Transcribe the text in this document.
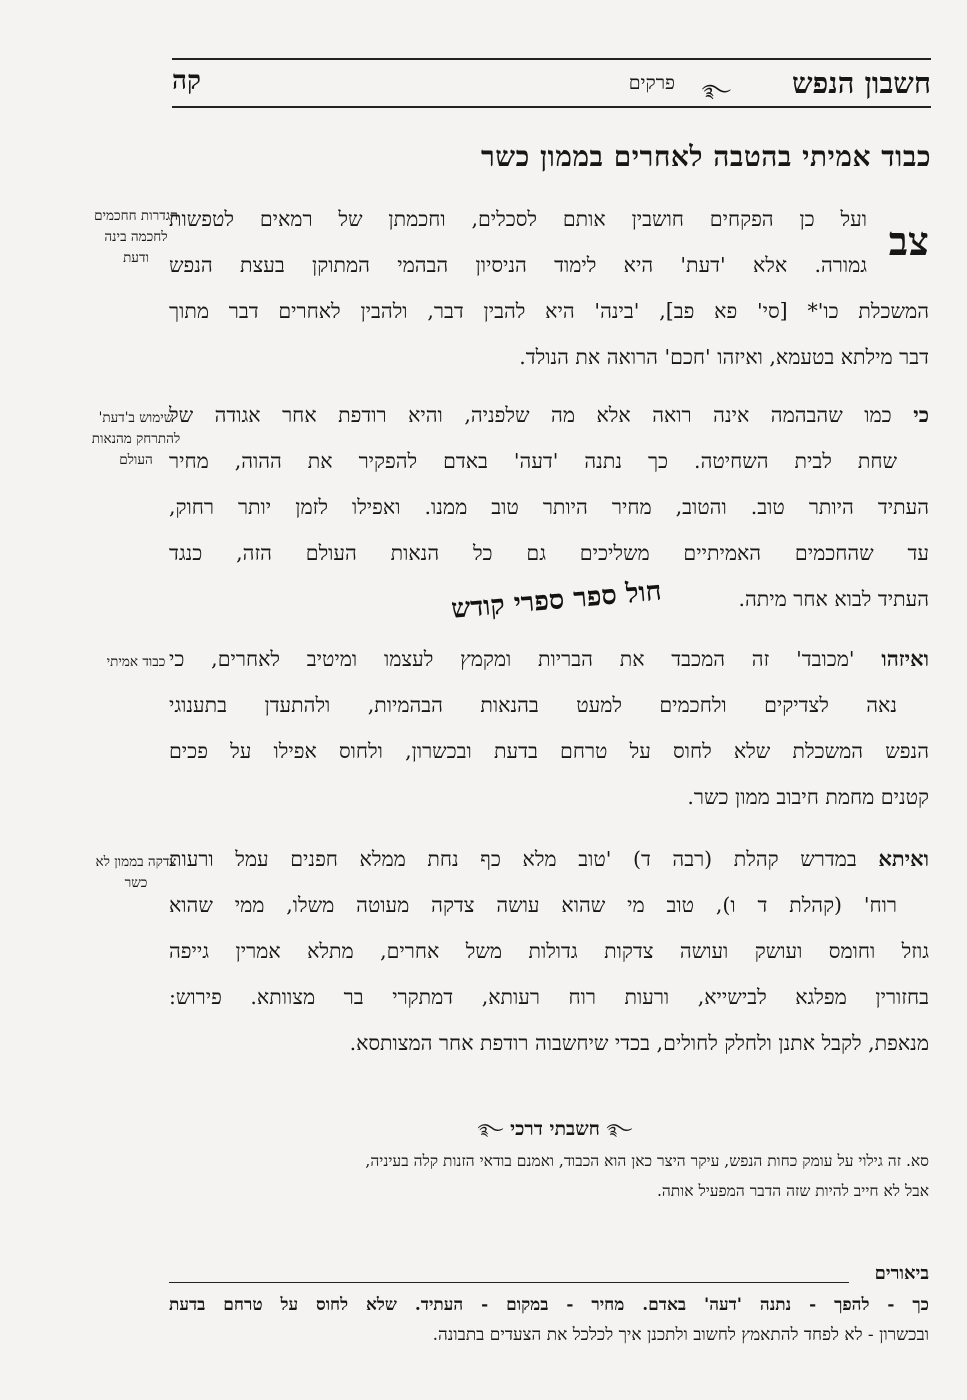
חשבון הנפש
࿐
פרקים
קה
כבוד אמיתי בהטבה לאחרים בממון כשר
צב
ועל כן הפקחים חושבין אותם לסכלים, וחכמתן של רמאים לטפשות
גמורה. אלא 'דעת' היא לימוד הניסיון הבהמי המתוקן בעצת הנפש
המשכלת כו'* [סי' פא פב], 'בינה' היא להבין דבר, ולהבין לאחרים דבר מתוך
דבר מילתא בטעמא, ואיזהו 'חכם' הרואה את הנולד.
כי כמו שהבהמה אינה רואה אלא מה שלפניה, והיא רודפת אחר אגודה של
שחת לבית השחיטה. כך נתנה 'דעה' באדם להפקיר את ההוה, מחיר
העתיד היותר טוב. והטוב, מחיר היותר טוב ממנו. ואפילו לזמן יותר רחוק,
עד שהחכמים האמיתיים משליכים גם כל הנאות העולם הזה, כנגד
העתיד לבוא אחר מיתה.
ואיזהו 'מכובד' זה המכבד את הבריות ומקמץ לעצמו ומיטיב לאחרים, כי
נאה לצדיקים ולחכמים למעט בהנאות הבהמיות, ולהתעדן בתענוגי
הנפש המשכלת שלא לחוס על טרחם בדעת ובכשרון, ולחוס אפילו על פכים
קטנים מחמת חיבוב ממון כשר.
ואיתא במדרש קהלת (רבה ד) 'טוב מלא כף נחת ממלא חפנים עמל ורעות
רוח' (קהלת ד ו), טוב מי שהוא עושה צדקה מעוטה משלו, ממי שהוא
גוזל וחומס ועושק ועושה צדקות גדולות משל אחרים, מתלא אמרין גייפה
בחזורין מפלגא לבישייא, ורעות רוח רעותא, דמתקרי בר מצוותא. פירוש:
מנאפת, לקבל אתנן ולחלק לחולים, בכדי שיחשבוה רודפת אחר המצותסא.
הגדרות חחכמים לחכמה בינה ודעת
שימוש ב'דעת' להתרחק מהנאות העולם
כבוד אמיתי
צדקה בממון לא כשר
חול ספר ספרי קודש
࿐ חשבתי דרכי ࿐
סא. זה גילוי על עומק כחות הנפש, עיקר היצר כאן הוא הכבוד, ואמנם בודאי הזנות קלה בעיניה,
אבל לא חייב להיות שזה הדבר המפעיל אותה.
ביאורים
כך - להפך - נתנה 'דעה' באדם. מחיר - במקום - העתיד. שלא לחוס על טרחם בדעת
ובכשרון - לא לפחד להתאמץ לחשוב ולתכנן איך לכלכל את הצעדים בתבונה.
